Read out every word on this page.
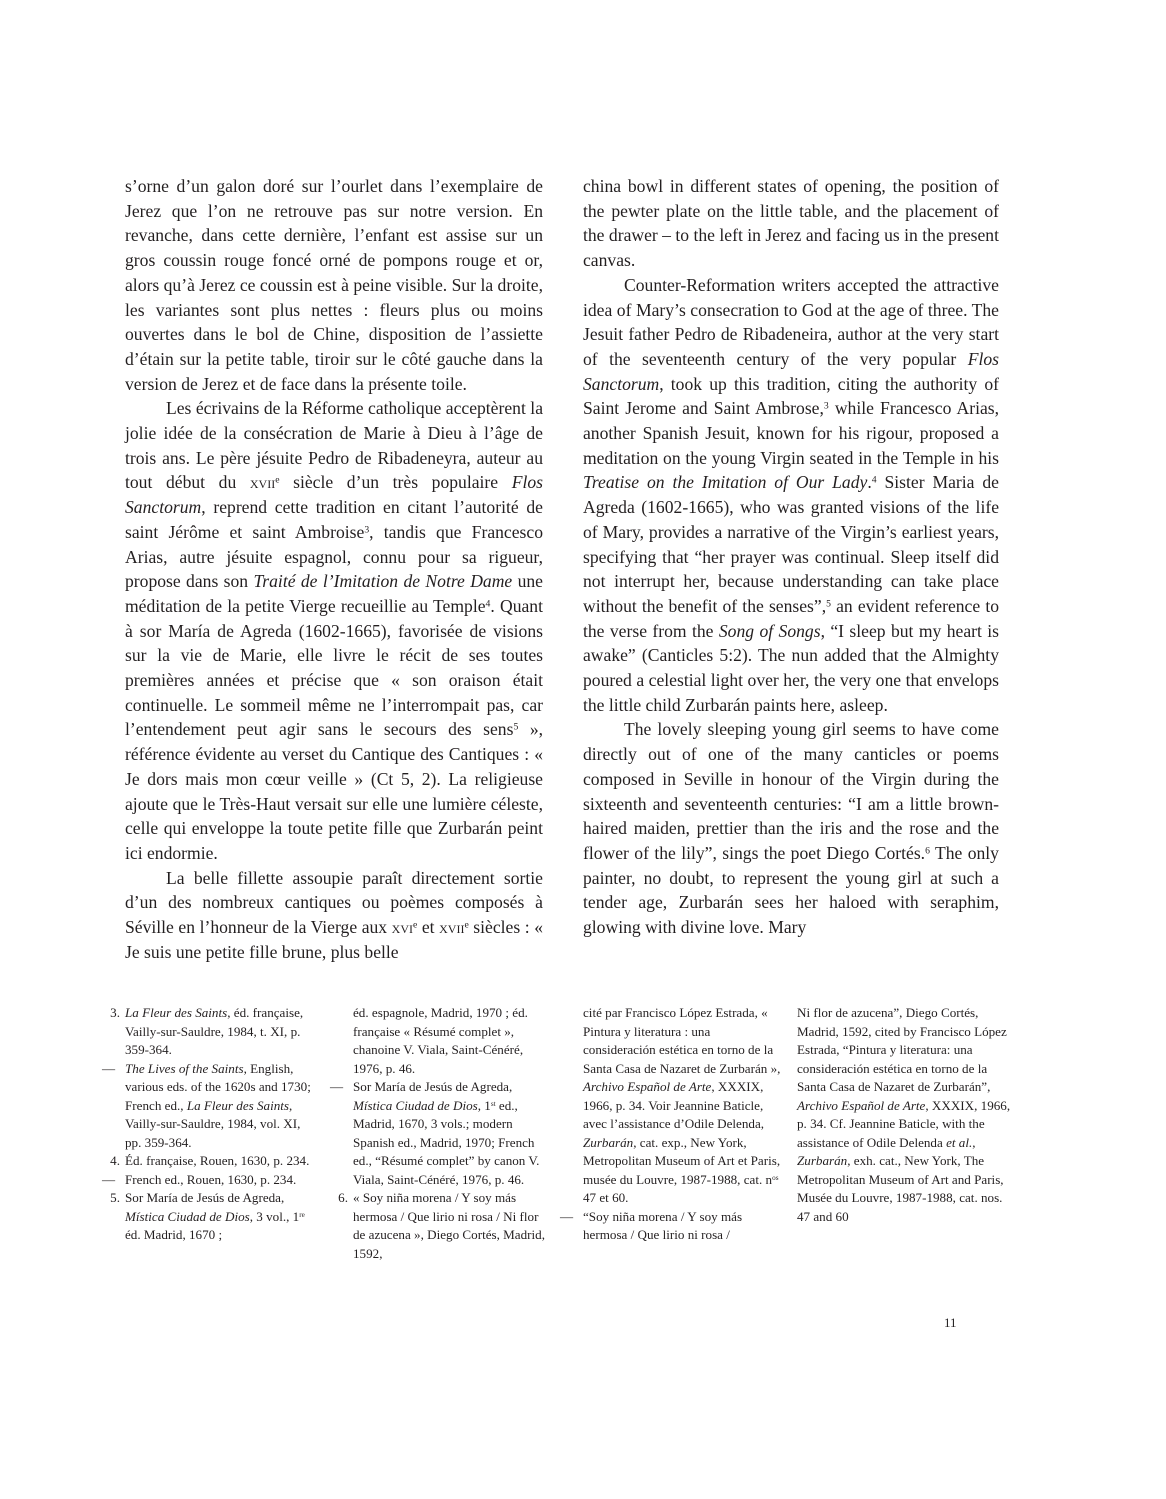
s’orne d’un galon doré sur l’ourlet dans l’exemplaire de Jerez que l’on ne retrouve pas sur notre version. En revanche, dans cette dernière, l’enfant est assise sur un gros coussin rouge foncé orné de pompons rouge et or, alors qu’à Jerez ce coussin est à peine visible. Sur la droite, les variantes sont plus nettes : fleurs plus ou moins ouvertes dans le bol de Chine, disposition de l’assiette d’étain sur la petite table, tiroir sur le côté gauche dans la version de Jerez et de face dans la présente toile.

Les écrivains de la Réforme catholique acceptèrent la jolie idée de la consécration de Marie à Dieu à l’âge de trois ans. Le père jésuite Pedro de Ribadeneyra, auteur au tout début du xvii$^e$ siècle d’un très populaire Flos Sanctorum, reprend cette tradition en citant l’autorité de saint Jérôme et saint Ambroise$^3$, tandis que Francesco Arias, autre jésuite espagnol, connu pour sa rigueur, propose dans son Traité de l’Imitation de Notre Dame une méditation de la petite Vierge recueillie au Temple$^4$. Quant à sor María de Agreda (1602-1665), favorisée de visions sur la vie de Marie, elle livre le récit de ses toutes premières années et précise que « son oraison était continuelle. Le sommeil même ne l’interrompait pas, car l’entendement peut agir sans le secours des sens$^5$ », référence évidente au verset du Cantique des Cantiques : « Je dors mais mon cœur veille » (Ct 5, 2). La religieuse ajoute que le Très-Haut versait sur elle une lumière céleste, celle qui enveloppe la toute petite fille que Zurbarán peint ici endormie.

La belle fillette assoupie paraît directement sortie d’un des nombreux cantiques ou poèmes composés à Séville en l’honneur de la Vierge aux xvi$^e$ et xvii$^e$ siècles : « Je suis une petite fille brune, plus belle

china bowl in different states of opening, the position of the pewter plate on the little table, and the placement of the drawer – to the left in Jerez and facing us in the present canvas.

Counter-Reformation writers accepted the attractive idea of Mary’s consecration to God at the age of three. The Jesuit father Pedro de Ribadeneira, author at the very start of the seventeenth century of the very popular Flos Sanctorum, took up this tradition, citing the authority of Saint Jerome and Saint Ambrose,$^3$ while Francesco Arias, another Spanish Jesuit, known for his rigour, proposed a meditation on the young Virgin seated in the Temple in his Treatise on the Imitation of Our Lady.$^4$ Sister Maria de Agreda (1602-1665), who was granted visions of the life of Mary, provides a narrative of the Virgin’s earliest years, specifying that “her prayer was continual. Sleep itself did not interrupt her, because understanding can take place without the benefit of the senses”,$^5$ an evident reference to the verse from the Song of Songs, “I sleep but my heart is awake” (Canticles 5:2). The nun added that the Almighty poured a celestial light over her, the very one that envelops the little child Zurbarán paints here, asleep.

The lovely sleeping young girl seems to have come directly out of one of the many canticles or poems composed in Seville in honour of the Virgin during the sixteenth and seventeenth centuries: “I am a little brown-haired maiden, prettier than the iris and the rose and the flower of the lily”, sings the poet Diego Cortés.$^6$ The only painter, no doubt, to represent the young girl at such a tender age, Zurbarán sees her haloed with seraphim, glowing with divine love. Mary

3. La Fleur des Saints, éd. française, Vailly-sur-Sauldre, 1984, t. XI, p. 359-364.
— The Lives of the Saints, English, various eds. of the 1620s and 1730; French ed., La Fleur des Saints, Vailly-sur-Sauldre, 1984, vol. XI, pp. 359-364.
4. Éd. française, Rouen, 1630, p. 234.
— French ed., Rouen, 1630, p. 234.
5. Sor María de Jesús de Agreda, Mística Ciudad de Dios, 3 vol., 1re éd. Madrid, 1670 ;
éd. espagnole, Madrid, 1970 ; éd. française « Résumé complet », chanoine V. Viala, Saint-Cénéré, 1976, p. 46.
— Sor María de Jesús de Agreda, Mística Ciudad de Dios, 1st ed., Madrid, 1670, 3 vols.; modern Spanish ed., Madrid, 1970; French ed., “Résumé complet” by canon V. Viala, Saint-Cénéré, 1976, p. 46.
6. « Soy niña morena / Y soy más hermosa / Que lirio ni rosa / Ni flor de azucena », Diego Cortés, Madrid, 1592,
cité par Francisco López Estrada, « Pintura y literatura : una consideración estética en torno de la Santa Casa de Nazaret de Zurbarán », Archivo Español de Arte, XXXIX, 1966, p. 34. Voir Jeannine Baticle, avec l’assistance d’Odile Delenda, Zurbarán, cat. exp., New York, Metropolitan Museum of Art et Paris, musée du Louvre, 1987-1988, cat. $n^{os}$ 47 et 60.
— “Soy niña morena / Y soy más hermosa / Que lirio ni rosa /
Ni flor de azucena”, Diego Cortés, Madrid, 1592, cited by Francisco López Estrada, “Pintura y literatura: una consideración estética en torno de la Santa Casa de Nazaret de Zurbarán”, Archivo Español de Arte, XXXIX, 1966, p. 34. Cf. Jeannine Baticle, with the assistance of Odile Delenda et al., Zurbarán, exh. cat., New York, The Metropolitan Museum of Art and Paris, Musée du Louvre, 1987-1988, cat. nos. 47 and 60
11
